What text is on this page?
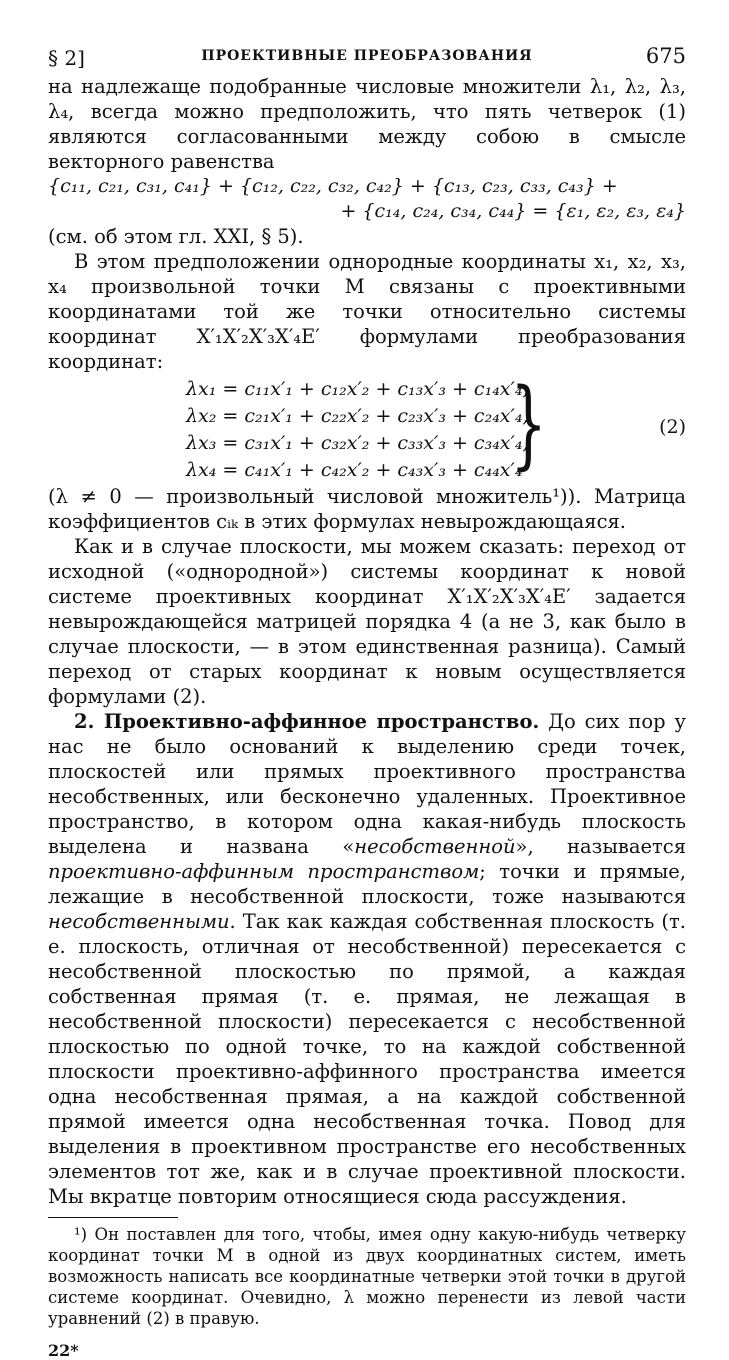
§ 2]	ПРОЕКТИВНЫЕ ПРЕОБРАЗОВАНИЯ	675

на надлежаще подобранные числовые множители λ₁, λ₂, λ₃, λ₄, всегда можно предположить, что пять четверок (1) являются согласованными между собою в смысле векторного равенства

{c₁₁, c₂₁, c₃₁, c₄₁} + {c₁₂, c₂₂, c₃₂, c₄₂} + {c₁₃, c₂₃, c₃₃, c₄₃} +

+ {c₁₄, c₂₄, c₃₄, c₄₄} = {ε₁, ε₂, ε₃, ε₄}

(см. об этом гл. XXI, § 5).

В этом предположении однородные координаты x₁, x₂, x₃, x₄ произвольной точки M связаны с проективными координатами той же точки относительно системы координат X′₁X′₂X′₃X′₄E′ формулами преобразования координат:

λx₁ = c₁₁x′₁ + c₁₂x′₂ + c₁₃x′₃ + c₁₄x′₄,
λx₂ = c₂₁x′₁ + c₂₂x′₂ + c₂₃x′₃ + c₂₄x′₄,
λx₃ = c₃₁x′₁ + c₃₂x′₂ + c₃₃x′₃ + c₃₄x′₄,
λx₄ = c₄₁x′₁ + c₄₂x′₂ + c₄₃x′₃ + c₄₄x′₄
}	(2)

(λ ≠ 0 — произвольный числовой множитель¹)). Матрица коэффициентов cᵢₖ в этих формулах невырождающаяся.

Как и в случае плоскости, мы можем сказать: переход от исходной («однородной») системы координат к новой системе проективных координат X′₁X′₂X′₃X′₄E′ задается невырождающейся матрицей порядка 4 (а не 3, как было в случае плоскости, — в этом единственная разница). Самый переход от старых координат к новым осуществляется формулами (2).

2. Проективно-аффинное пространство. До сих пор у нас не было оснований к выделению среди точек, плоскостей или прямых проективного пространства несобственных, или бесконечно удаленных. Проективное пространство, в котором одна какая-нибудь плоскость выделена и названа «несобственной», называется проективно-аффинным пространством; точки и прямые, лежащие в несобственной плоскости, тоже называются несобственными. Так как каждая собственная плоскость (т. е. плоскость, отличная от несобственной) пересекается с несобственной плоскостью по прямой, а каждая собственная прямая (т. е. прямая, не лежащая в несобственной плоскости) пересекается с несобственной плоскостью по одной точке, то на каждой собственной плоскости проективно-аффинного пространства имеется одна несобственная прямая, а на каждой собственной прямой имеется одна несобственная точка. Повод для выделения в проективном пространстве его несобственных элементов тот же, как и в случае проективной плоскости. Мы вкратце повторим относящиеся сюда рассуждения.

¹) Он поставлен для того, чтобы, имея одну какую-нибудь четверку координат точки M в одной из двух координатных систем, иметь возможность написать все координатные четверки этой точки в другой системе координат. Очевидно, λ можно перенести из левой части уравнений (2) в правую.

22*
